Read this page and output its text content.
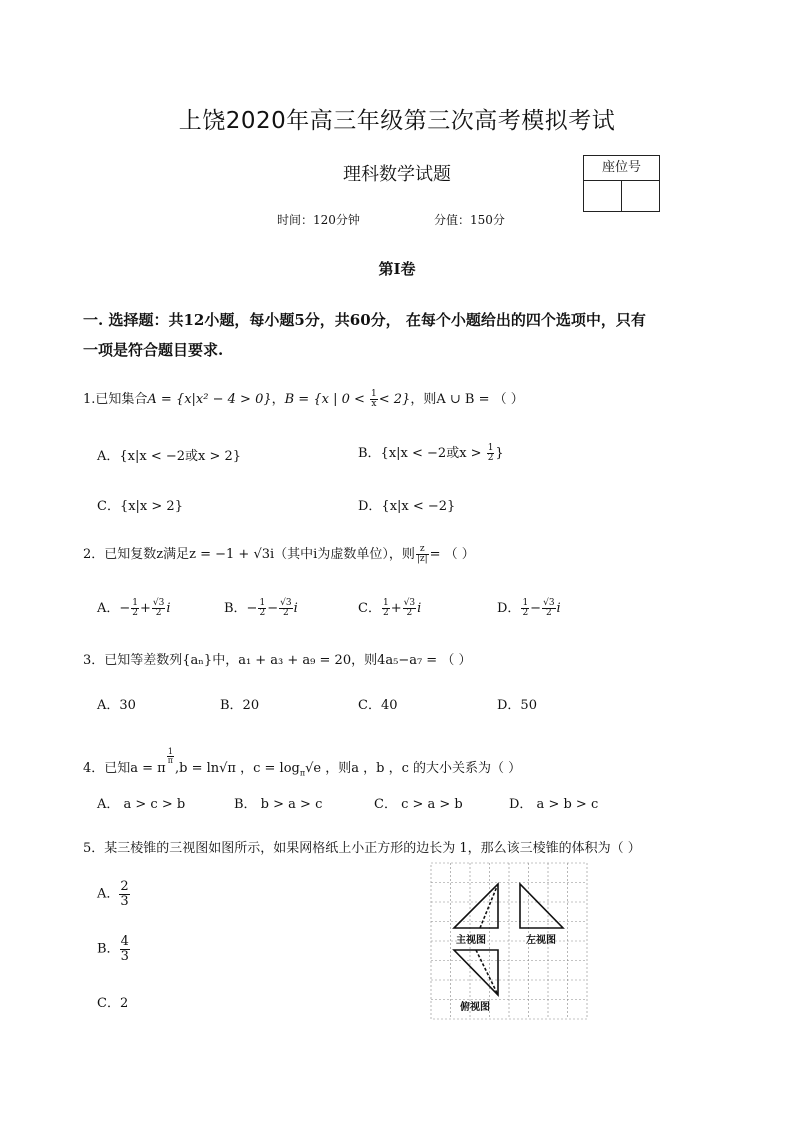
上饶2020年高三年级第三次高考模拟考试
理科数学试题	座位号
时间：120分钟	分值：150分
第Ⅰ卷
一. 选择题：共12小题，每小题5分，共60分， 在每个小题给出的四个选项中，只有
一项是符合题目要求.
1.已知集合A = {x|x² − 4 > 0}，B = {x | $0 < \frac{1}{x} < 2$}，则A ∪ B = （ ）
A．{x|x < −2或x > 2}	B．{x|x < −2或$x > \frac{1}{2}$ }
C．{x|x > 2}	D．{x|x < −2}
2．已知复数z满足z = −1 + √3i（其中i为虚数单位），则 $\frac{z}{|z|}$ = （ ）
A．− $\frac{1}{2} + \frac{√3}{2}$ i	B．− $\frac{1}{2} - \frac{√3}{2}$ i	C． $\frac{1}{2} + \frac{√3}{2}$ i	D． $\frac{1}{2} - \frac{√3}{2}$ i
3．已知等差数列{aₙ}中，a₁ + a₃ + a₉ = 20，则4a₅−a₇ = （ ）
A．30	B．20	C．40	D．50
4．已知a = π
$\frac{1}{\pi}$
,b = ln√π ，$c = \log_\pi√e$ ，则a ，b ，c 的大小关系为（ ）
A． a > c > b	B． b > a > c	C． c > a > b	D． a > b > c
5．某三棱锥的三视图如图所示，如果网格纸上小正方形的边长为 1，那么该三棱锥的体积为（ ）
A． $\frac{2}{3}$
B． $\frac{4}{3}$
C．2
主视图	左视图
俯视图
